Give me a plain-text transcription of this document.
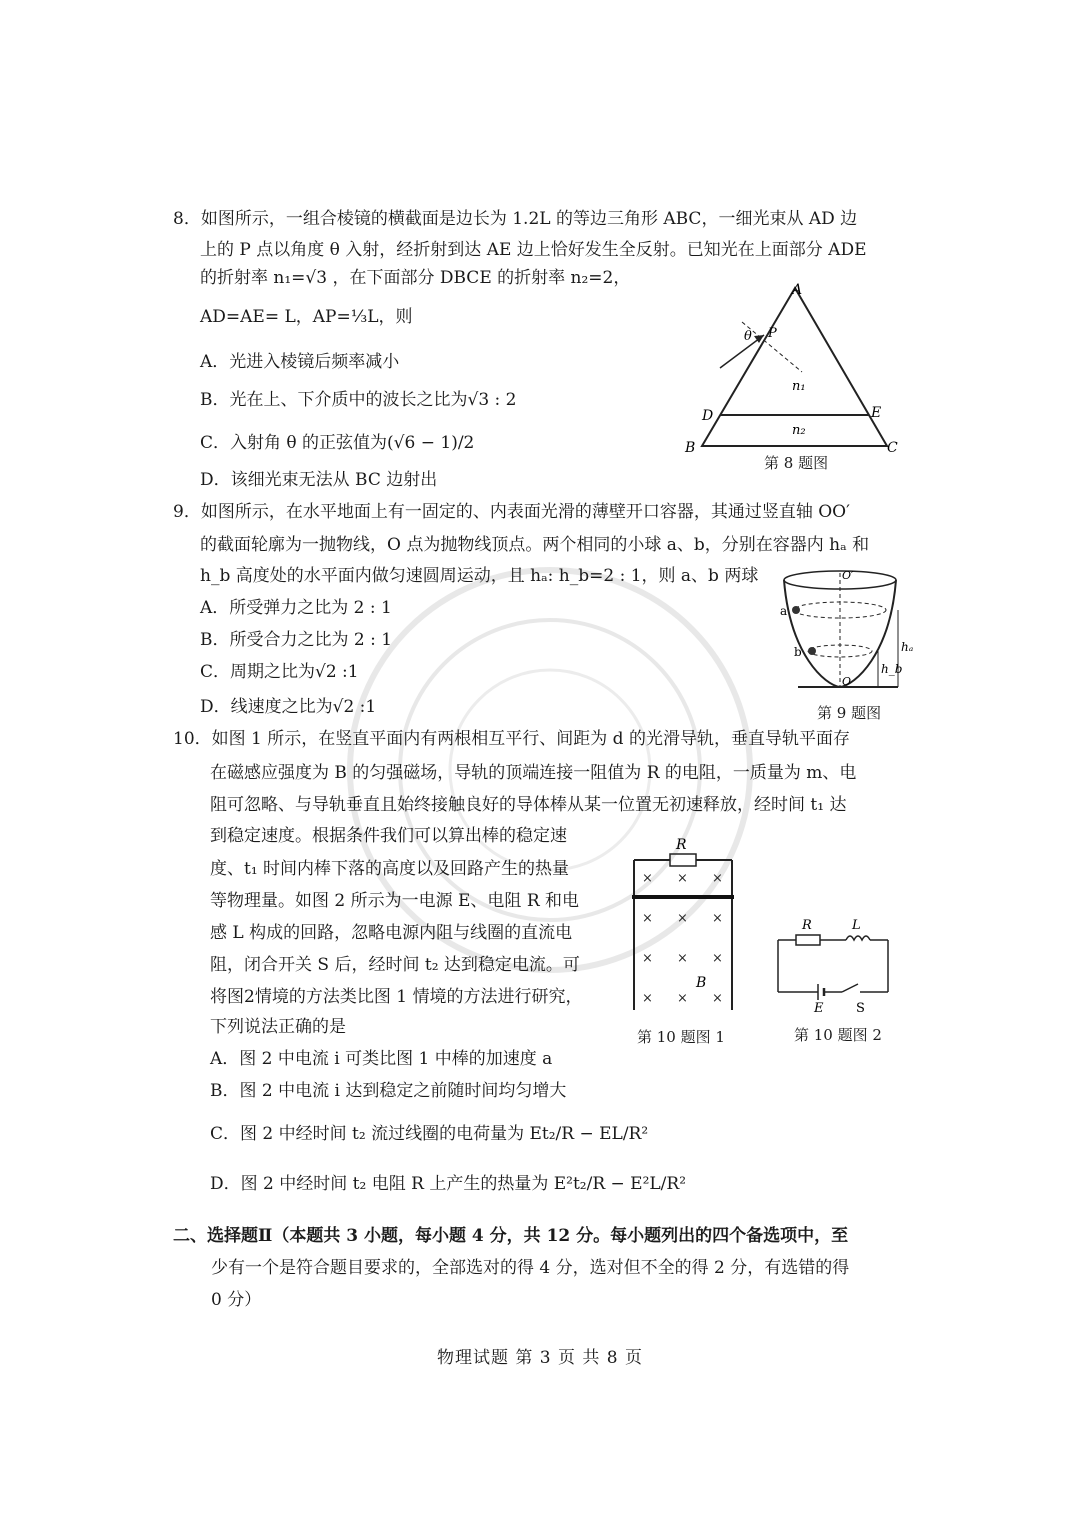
8．如图所示，一组合棱镜的横截面是边长为 1.2L 的等边三角形 ABC，一细光束从 AD 边
上的 P 点以角度 θ 入射，经折射到达 AE 边上恰好发生全反射。已知光在上面部分 ADE
的折射率 n₁=√3 ，在下面部分 DBCE 的折射率 n₂=2，
AD=AE= L，AP=⅓L，则
A．光进入棱镜后频率减小
B．光在上、下介质中的波长之比为√3 : 2
C．入射角 θ 的正弦值为(√6 − 1)/2
D．该细光束无法从 BC 边射出
A
B	C
D	E
P
θ
n₁
n₂
第 8 题图
9．如图所示，在水平地面上有一固定的、内表面光滑的薄壁开口容器，其通过竖直轴 OO′
的截面轮廓为一抛物线，O 点为抛物线顶点。两个相同的小球 a、b，分别在容器内 hₐ 和
h_b 高度处的水平面内做匀速圆周运动，且 hₐ: h_b=2 : 1，则 a、b 两球
A．所受弹力之比为 2 : 1
B．所受合力之比为 2 : 1
C．周期之比为√2 :1
D．线速度之比为√2 :1
O′
a
b	hₐ
h_b
O
第 9 题图
10．如图 1 所示，在竖直平面内有两根相互平行、间距为 d 的光滑导轨，垂直导轨平面存
在磁感应强度为 B 的匀强磁场，导轨的顶端连接一阻值为 R 的电阻，一质量为 m、电
阻可忽略、与导轨垂直且始终接触良好的导体棒从某一位置无初速释放，经时间 t₁ 达
到稳定速度。根据条件我们可以算出棒的稳定速
度、t₁ 时间内棒下落的高度以及回路产生的热量
等物理量。如图 2 所示为一电源 E、电阻 R 和电
感 L 构成的回路，忽略电源内阻与线圈的直流电
阻，闭合开关 S 后，经时间 t₂ 达到稳定电流。可
将图2情境的方法类比图 1 情境的方法进行研究，
下列说法正确的是
A．图 2 中电流 i 可类比图 1 中棒的加速度 a
B．图 2 中电流 i 达到稳定之前随时间均匀增大
C．图 2 中经时间 t₂ 流过线圈的电荷量为 Et₂/R − EL/R²
D．图 2 中经时间 t₂ 电阻 R 上产生的热量为 E²t₂/R − E²L/R²
× × ×
× × ×
× × ×
× × ×
R
B
第 10 题图 1
R	L
E	S
第 10 题图 2
二、选择题Ⅱ（本题共 3 小题，每小题 4 分，共 12 分。每小题列出的四个备选项中，至
少有一个是符合题目要求的，全部选对的得 4 分，选对但不全的得 2 分，有选错的得
0 分）
物理试题 第 3 页 共 8 页
